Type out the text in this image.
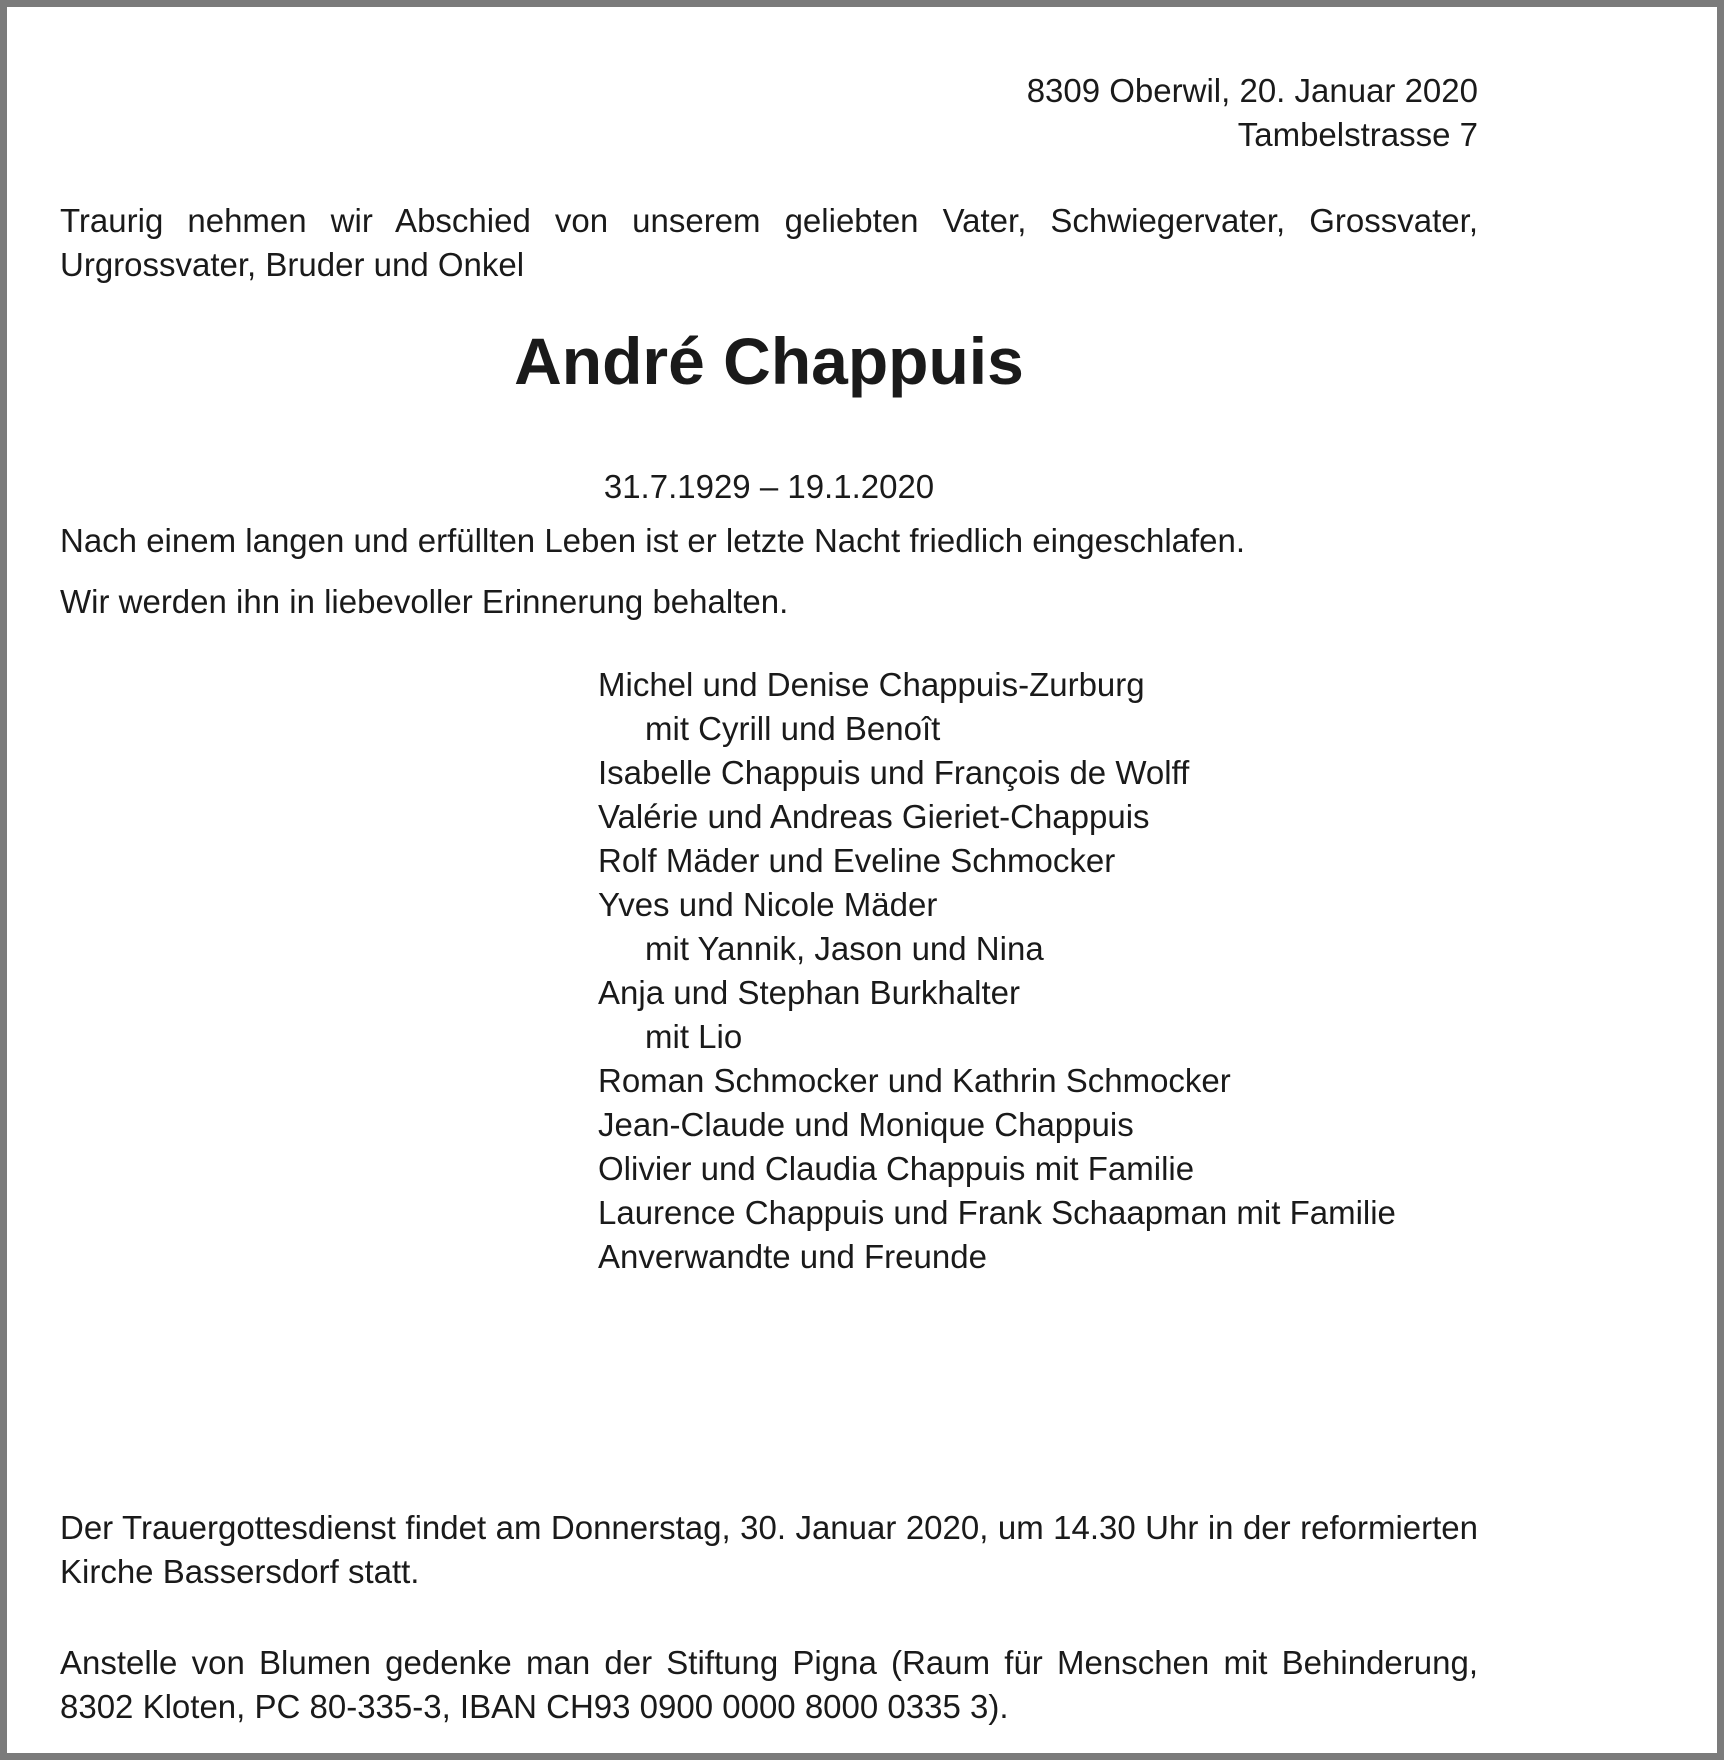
8309 Oberwil, 20. Januar 2020
Tambelstrasse 7
Traurig nehmen wir Abschied von unserem geliebten Vater, Schwiegervater, Grossvater, Urgrossvater, Bruder und Onkel
André Chappuis
31.7.1929 – 19.1.2020
Nach einem langen und erfüllten Leben ist er letzte Nacht friedlich eingeschlafen.
Wir werden ihn in liebevoller Erinnerung behalten.
Michel und Denise Chappuis-Zurburg
mit Cyrill und Benoît
Isabelle Chappuis und François de Wolff
Valérie und Andreas Gieriet-Chappuis
Rolf Mäder und Eveline Schmocker
Yves und Nicole Mäder
mit Yannik, Jason und Nina
Anja und Stephan Burkhalter
mit Lio
Roman Schmocker und Kathrin Schmocker
Jean-Claude und Monique Chappuis
Olivier und Claudia Chappuis mit Familie
Laurence Chappuis und Frank Schaapman mit Familie
Anverwandte und Freunde
Der Trauergottesdienst findet am Donnerstag, 30. Januar 2020, um 14.30 Uhr in der reformierten Kirche Bassersdorf statt.
Anstelle von Blumen gedenke man der Stiftung Pigna (Raum für Menschen mit Behinderung, 8302 Kloten, PC 80-335-3, IBAN CH93 0900 0000 8000 0335 3).
